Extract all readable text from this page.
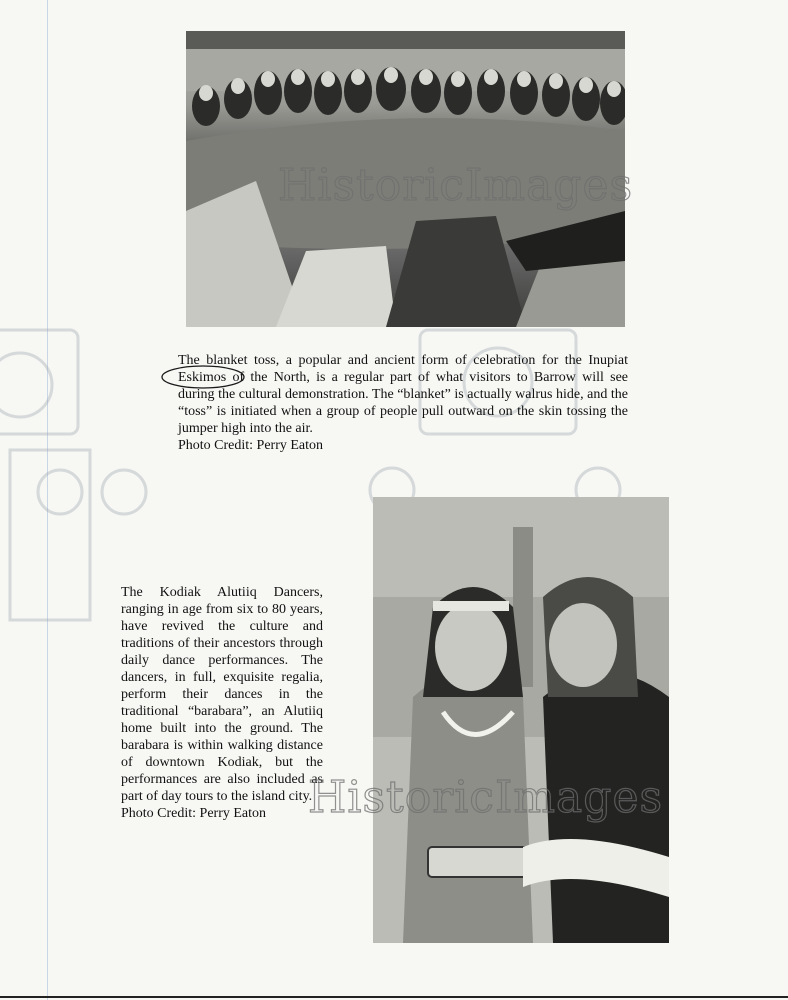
HistoricImages
The blanket toss, a popular and ancient form of celebration for the Inupiat Eskimos of the North, is a regular part of what visitors to Barrow will see during the cultural demonstration. The “blanket” is actually walrus hide, and the “toss” is initiated when a group of people pull outward on the skin tossing the jumper high into the air.
Photo Credit: Perry Eaton
The Kodiak Alutiiq Dancers, ranging in age from six to 80 years, have revived the culture and traditions of their ancestors through daily dance performances. The dancers, in full, exquisite regalia, perform their dances in the traditional “barabara”, an Alutiiq home built into the ground. The barabara is within walking distance of downtown Kodiak, but the performances are also included as part of day tours to the island city.
Photo Credit: Perry Eaton HistoricImages
